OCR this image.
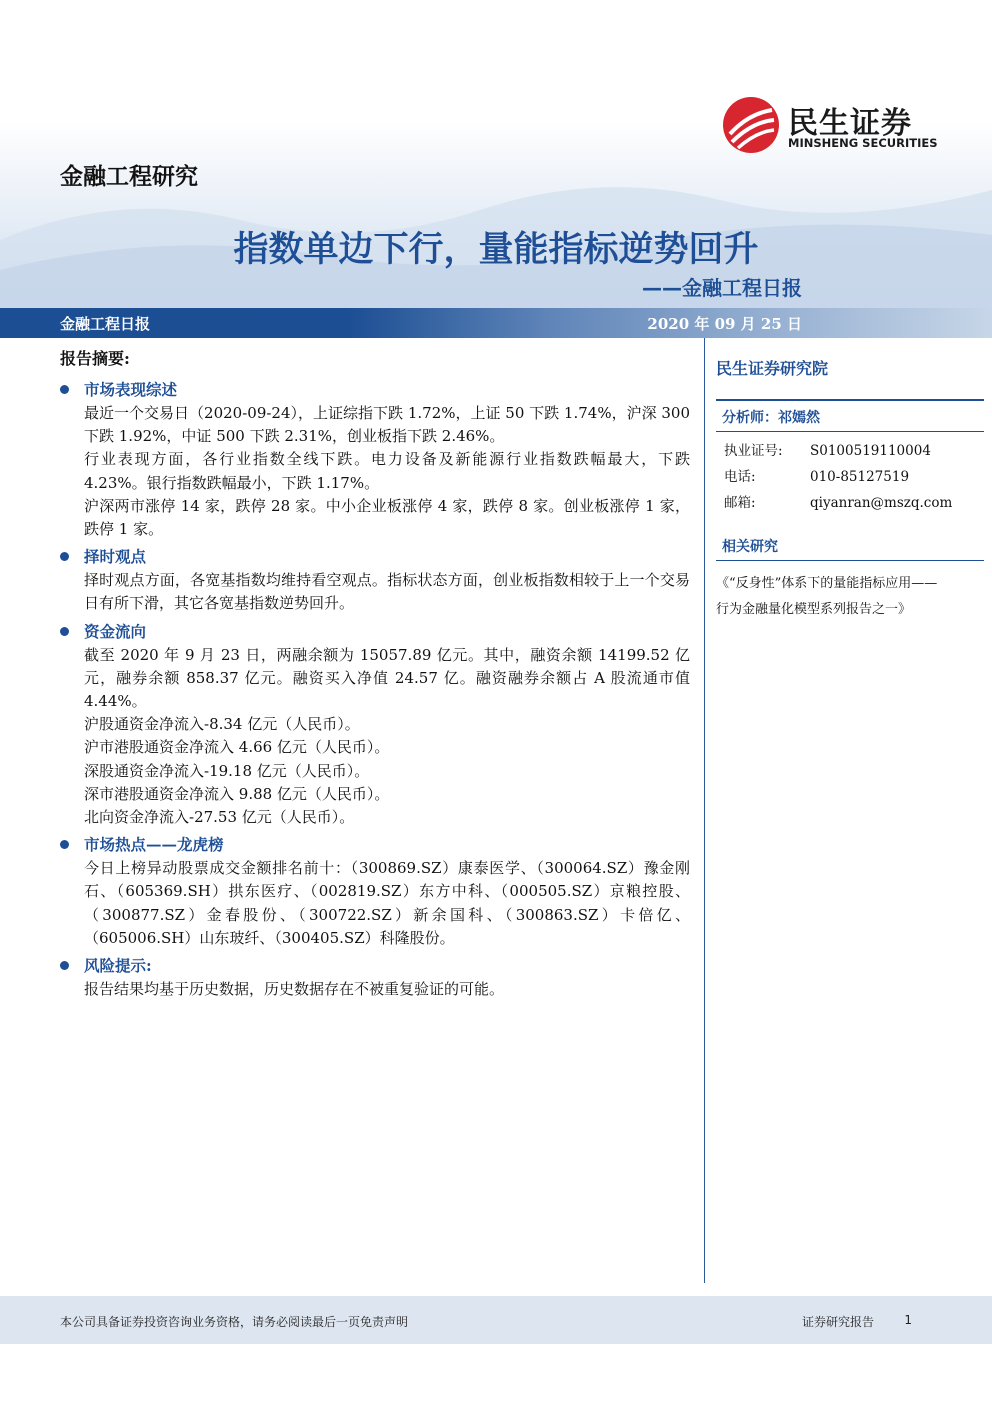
民生证券
MINSHENG SECURITIES
金融工程研究
指数单边下行，量能指标逆势回升
——金融工程日报
金融工程日报	2020 年 09 月 25 日
报告摘要:
市场表现综述

最近一个交易日（2020-09-24），上证综指下跌 1.72%，上证 50 下跌 1.74%，沪深 300 下跌 1.92%，中证 500 下跌 2.31%，创业板指下跌 2.46%。

行业表现方面，各行业指数全线下跌。电力设备及新能源行业指数跌幅最大，下跌 4.23%。银行指数跌幅最小，下跌 1.17%。

沪深两市涨停 14 家，跌停 28 家。中小企业板涨停 4 家，跌停 8 家。创业板涨停 1 家，跌停 1 家。

择时观点

择时观点方面，各宽基指数均维持看空观点。指标状态方面，创业板指数相较于上一个交易日有所下滑，其它各宽基指数逆势回升。

资金流向

截至 2020 年 9 月 23 日，两融余额为 15057.89 亿元。其中，融资余额 14199.52 亿元，融券余额 858.37 亿元。融资买入净值 24.57 亿。融资融券余额占 A 股流通市值 4.44%。

沪股通资金净流入-8.34 亿元（人民币）。

沪市港股通资金净流入 4.66 亿元（人民币）。

深股通资金净流入-19.18 亿元（人民币）。

深市港股通资金净流入 9.88 亿元（人民币）。

北向资金净流入-27.53 亿元（人民币）。

市场热点——龙虎榜

今日上榜异动股票成交金额排名前十：（300869.SZ）康泰医学、（300064.SZ）豫金刚石、（605369.SH）拱东医疗、（002819.SZ）东方中科、（000505.SZ）京粮控股、（300877.SZ）金春股份、（300722.SZ）新余国科、（300863.SZ）卡倍亿、（605006.SH）山东玻纤、（300405.SZ）科隆股份。

风险提示:

报告结果均基于历史数据，历史数据存在不被重复验证的可能。

民生证券研究院
分析师：祁嫣然
执业证号: S0100519110004
电话:	010-85127519
邮箱:	qiyanran@mszq.com
相关研究
《“反身性”体系下的量能指标应用——
行为金融量化模型系列报告之一》
本公司具备证券投资咨询业务资格，请务必阅读最后一页免责声明	证券研究报告	1
